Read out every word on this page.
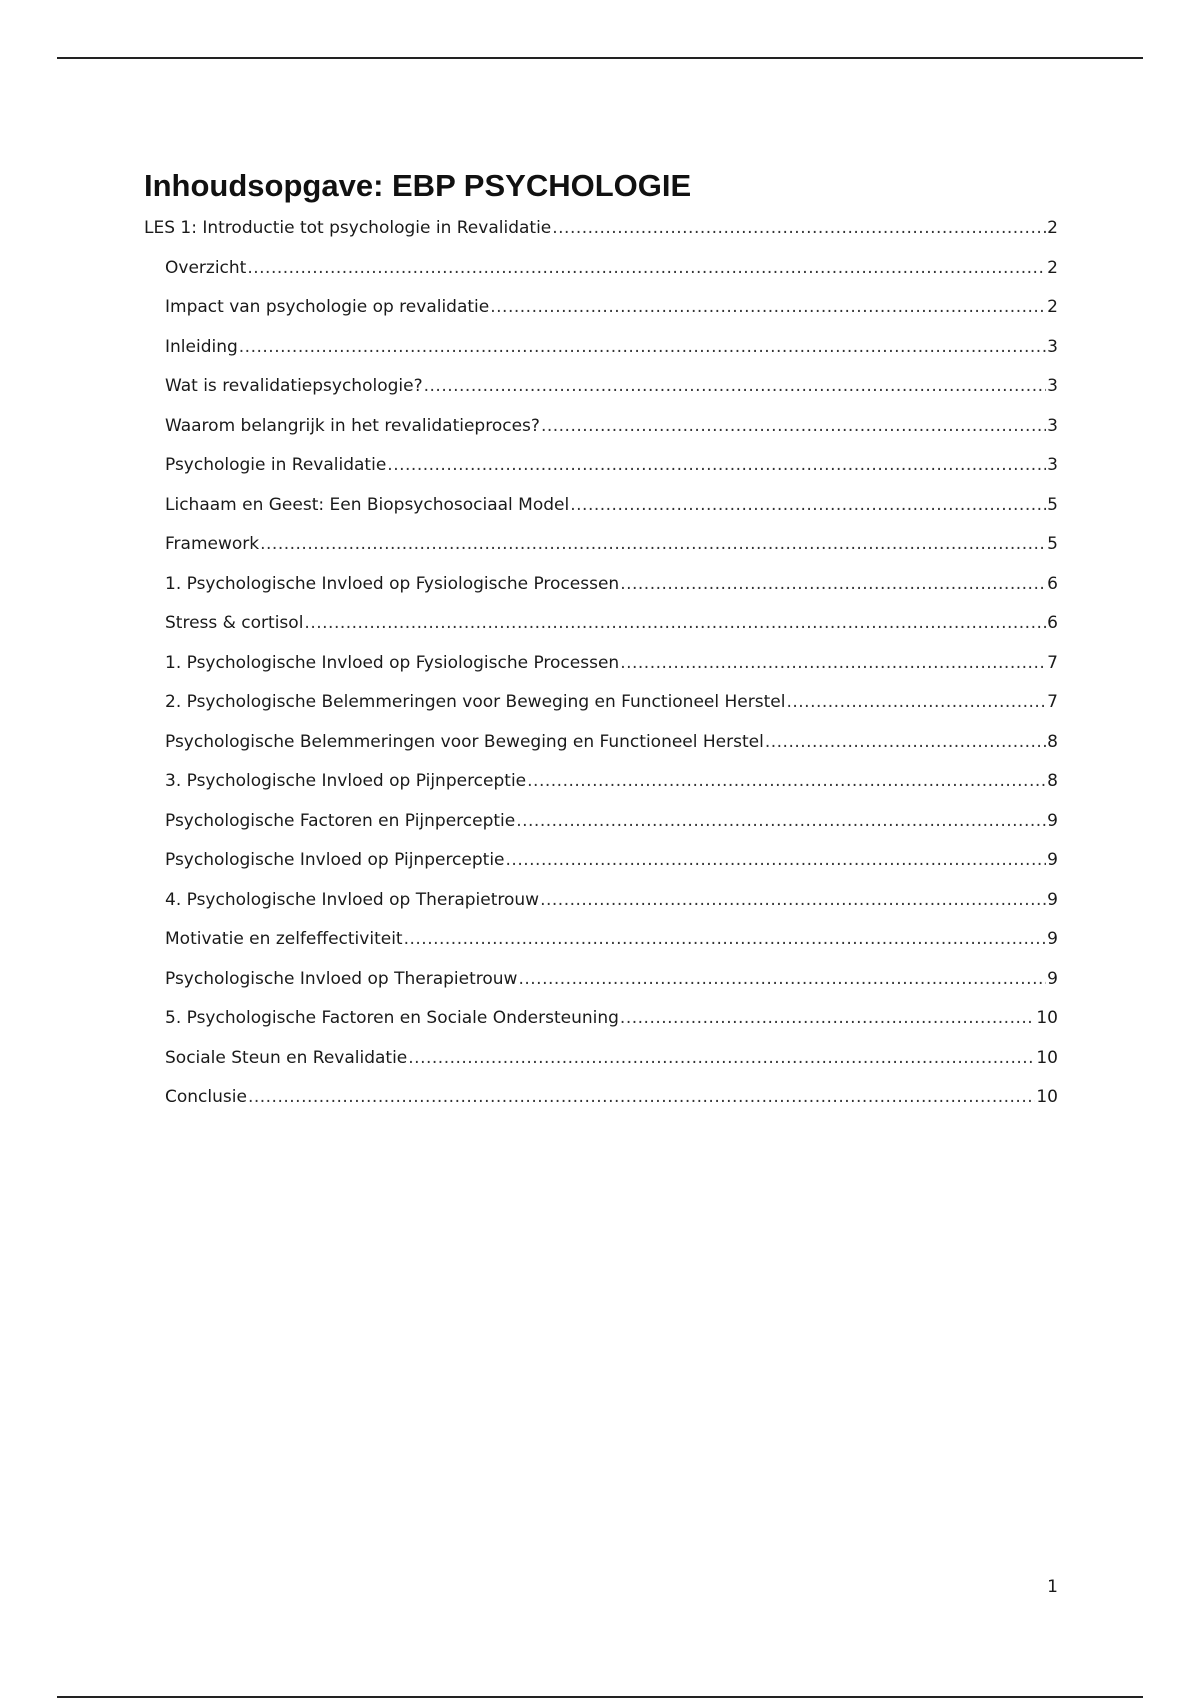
Inhoudsopgave: EBP PSYCHOLOGIE
LES 1: Introductie tot psychologie in Revalidatie .....	2
Overzicht .....	2
Impact van psychologie op revalidatie .....	2
Inleiding .....	3
Wat is revalidatiepsychologie? .....	3
Waarom belangrijk in het revalidatieproces? .....	3
Psychologie in Revalidatie .....	3
Lichaam en Geest: Een Biopsychosociaal Model .....	5
Framework .....	5
1. Psychologische Invloed op Fysiologische Processen .....	6
Stress & cortisol .....	6
1. Psychologische Invloed op Fysiologische Processen .....	7
2. Psychologische Belemmeringen voor Beweging en Functioneel Herstel .....	7
Psychologische Belemmeringen voor Beweging en Functioneel Herstel .....	8
3. Psychologische Invloed op Pijnperceptie .....	8
Psychologische Factoren en Pijnperceptie .....	9
Psychologische Invloed op Pijnperceptie .....	9
4. Psychologische Invloed op Therapietrouw .....	9
Motivatie en zelfeffectiviteit .....	9
Psychologische Invloed op Therapietrouw .....	9
5. Psychologische Factoren en Sociale Ondersteuning .....	10
Sociale Steun en Revalidatie .....	10
Conclusie .....	10
1
